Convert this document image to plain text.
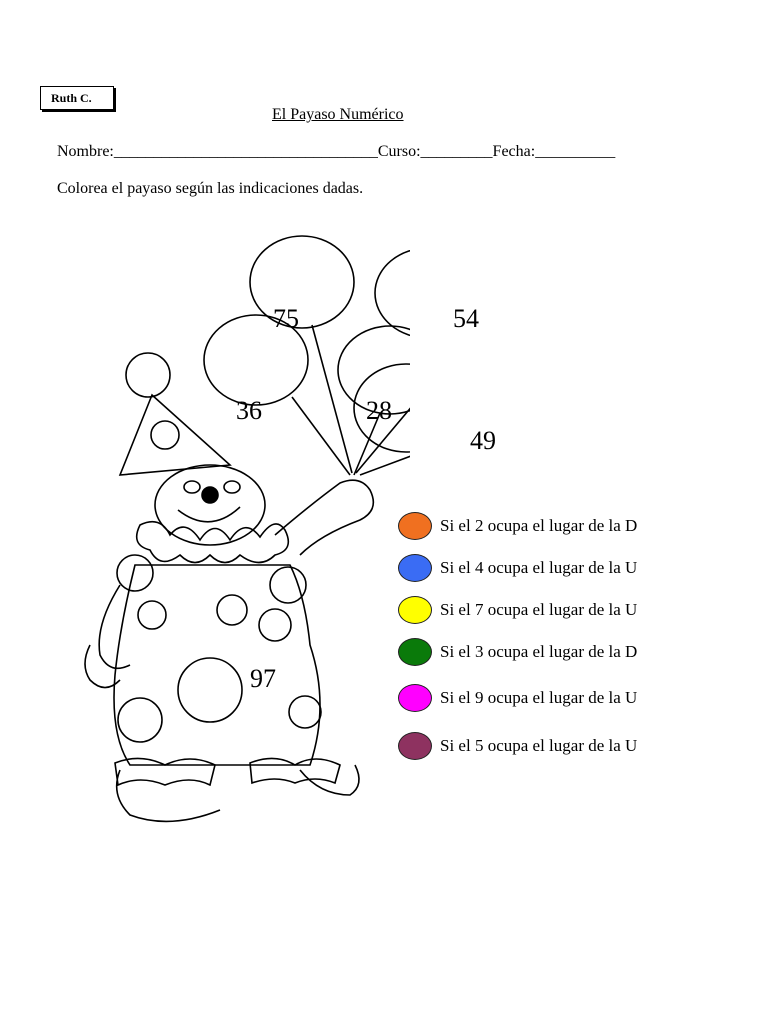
Ruth C.
El Payaso Numérico
Nombre:_________________________________Curso:_________Fecha:__________
Colorea el payaso según las indicaciones dadas.
75	54
36	28
49
97
Si el 2 ocupa el lugar de la D
Si el 4 ocupa el lugar de la U
Si el 7 ocupa el lugar de la U
Si el 3 ocupa el lugar de la D
Si el 9 ocupa el lugar de la U
Si el 5 ocupa el lugar de la U
